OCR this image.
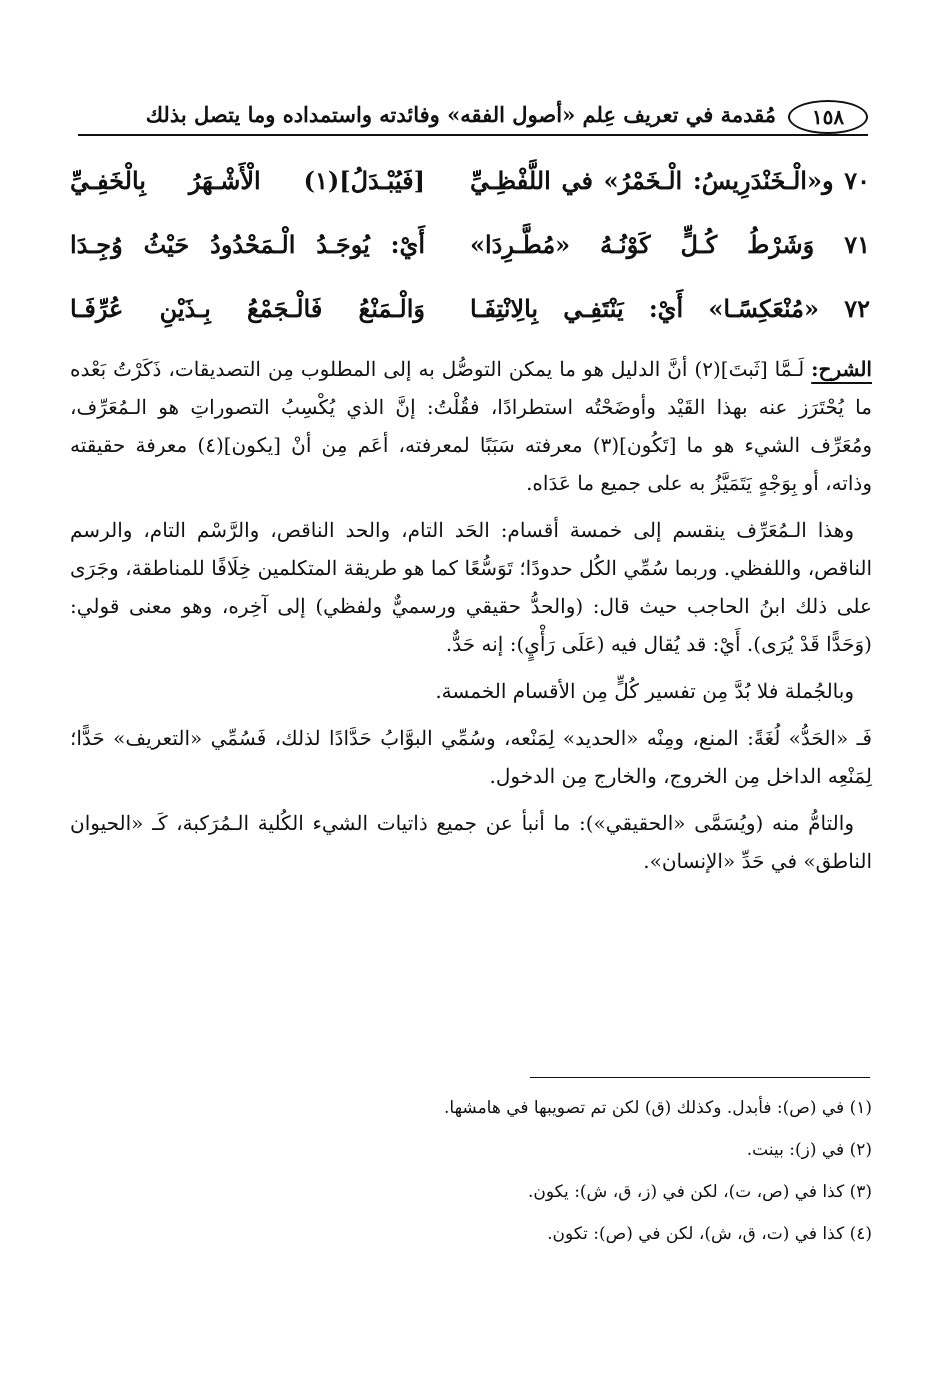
١٥٨
مُقدمة في تعريف عِلم «أصول الفقه» وفائدته واستمداده وما يتصل بذلك
٧٠ و«الْـخَنْدَرِيسُ: الْـخَمْرُ» في اللَّفْظِـيِّ
[فَيُبْـدَلُ](١) الْأَشْـهَرُ بِالْخَفِـيِّ
٧١ وَشَرْطُ كُـلٍّ كَوْنُـهُ «مُطَّـرِدَا»
أَيْ: يُوجَـدُ الْـمَحْدُودُ حَيْثُ وُجِـدَا
٧٢ «مُنْعَكِسًـا» أَيْ: يَنْتَفِـي بِالِانْتِفَـا
وَالْـمَنْعُ فَالْـجَمْعُ بِـذَيْنِ عُرِّفَـا

الشرح: لَـمَّا [ثَبتَ](٢) أنَّ الدليل هو ما يمكن التوصُّل به إلى المطلوب مِن التصديقات، ذَكَرْتُ بَعْده ما يُحْتَرَز عنه بهذا القَيْد وأوضَحْتُه استطرادًا، فقُلْتُ: إنَّ الذي يُكْسِبُ التصوراتِ هو الـمُعَرِّف، ومُعَرِّف الشيء هو ما [تَكُون](٣) معرفته سَبَبًا لمعرفته، أعَم مِن أنْ [يكون](٤) معرفة حقيقته وذاته، أو بِوَجْهٍ يَتَمَيَّزُ به على جميع ما عَدَاه.

وهذا الـمُعَرِّف ينقسم إلى خمسة أقسام: الحَد التام، والحد الناقص، والرَّسْم التام، والرسم الناقص، واللفظي. وربما سُمِّي الكُل حدودًا؛ تَوَسُّعًا كما هو طريقة المتكلمين خِلَافًا للمناطقة، وجَرَى على ذلك ابنُ الحاجب حيث قال: (والحدُّ حقيقي ورسميٌّ ولفظي) إلى آخِره، وهو معنى قولي: (وَحَدًّا قَدْ يُرَى). أَيْ: قد يُقال فيه (عَلَى رَأْيٍ): إنه حَدٌّ.

وبالجُملة فلا بُدَّ مِن تفسير كُلٍّ مِن الأقسام الخمسة.

فَـ «الحَدُّ» لُغَةً: المنع، ومِنْه «الحديد» لِمَنْعه، وسُمِّي البوَّابُ حَدَّادًا لذلك، فَسُمِّي «التعريف» حَدًّا؛ لِمَنْعِه الداخل مِن الخروج، والخارج مِن الدخول.

والتامُّ منه (ويُسَمَّى «الحقيقي»): ما أنبأ عن جميع ذاتيات الشيء الكُلية الـمُرَكبة، كَـ «الحيوان الناطق» في حَدِّ «الإنسان».

(١) في (ص): فأبدل. وكذلك (ق) لكن تم تصويبها في هامشها.
(٢) في (ز): بينت.
(٣) كذا في (ص، ت)، لكن في (ز، ق، ش): يكون.
(٤) كذا في (ت، ق، ش)، لكن في (ص): تكون.
